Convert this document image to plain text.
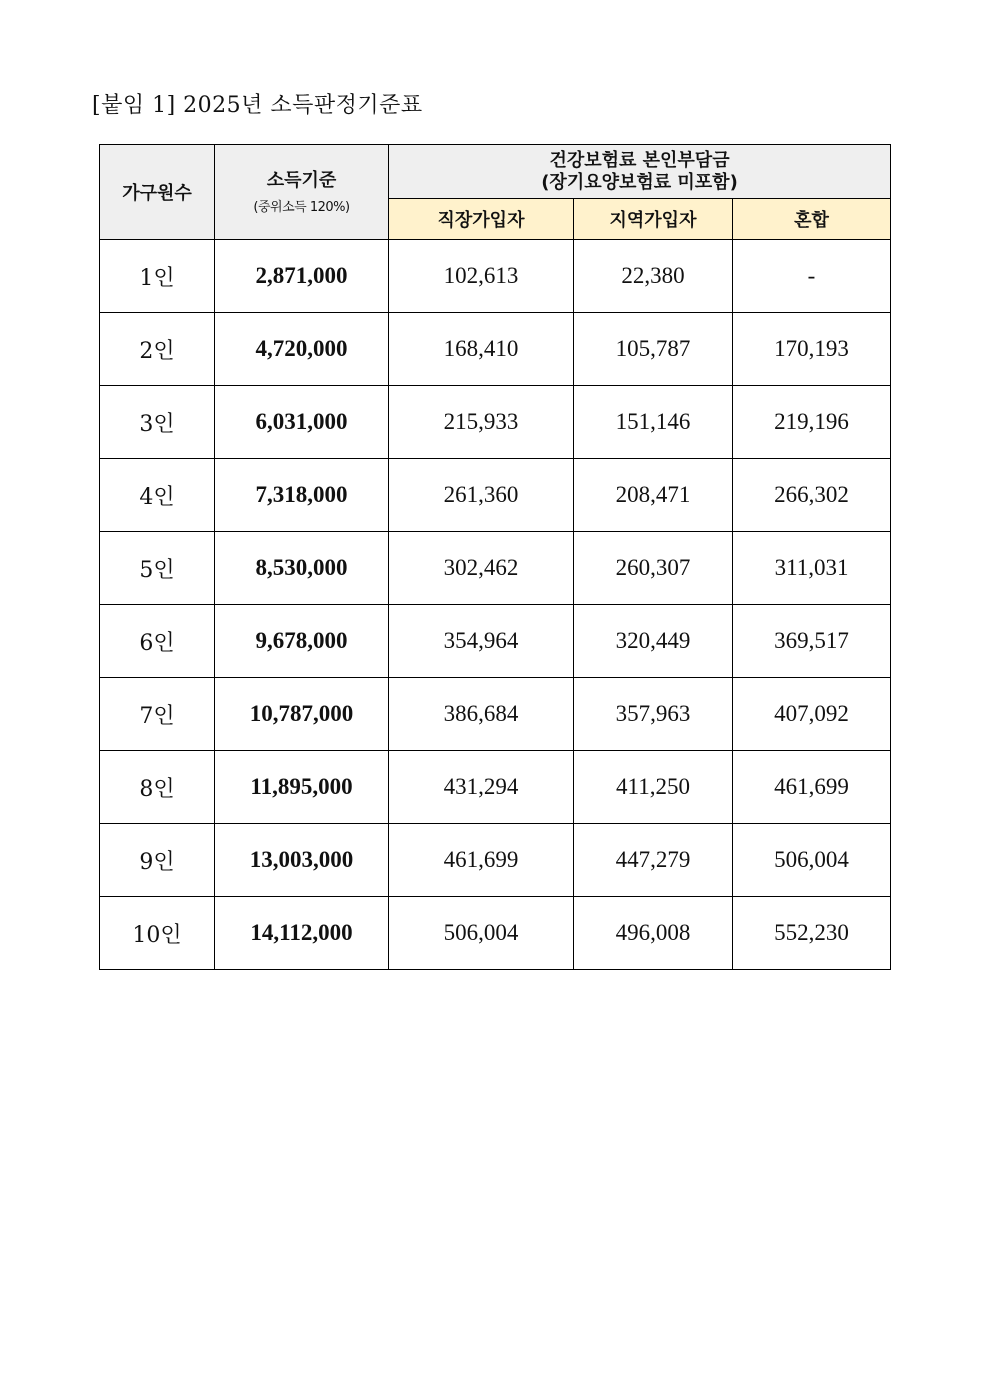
[붙임 1] 2025년 소득판정기준표
가구원수	소득기준
(중위소득 120%)	건강보험료 본인부담금
(장기요양보험료 미포함)		

		직장가입자	지역가입자	혼합
1인	2,871,000	102,613	22,380	-
2인	4,720,000	168,410	105,787	170,193
3인	6,031,000	215,933	151,146	219,196
4인	7,318,000	261,360	208,471	266,302
5인	8,530,000	302,462	260,307	311,031
6인	9,678,000	354,964	320,449	369,517
7인	10,787,000	386,684	357,963	407,092
8인	11,895,000	431,294	411,250	461,699
9인	13,003,000	461,699	447,279	506,004
10인	14,112,000	506,004	496,008	552,230
